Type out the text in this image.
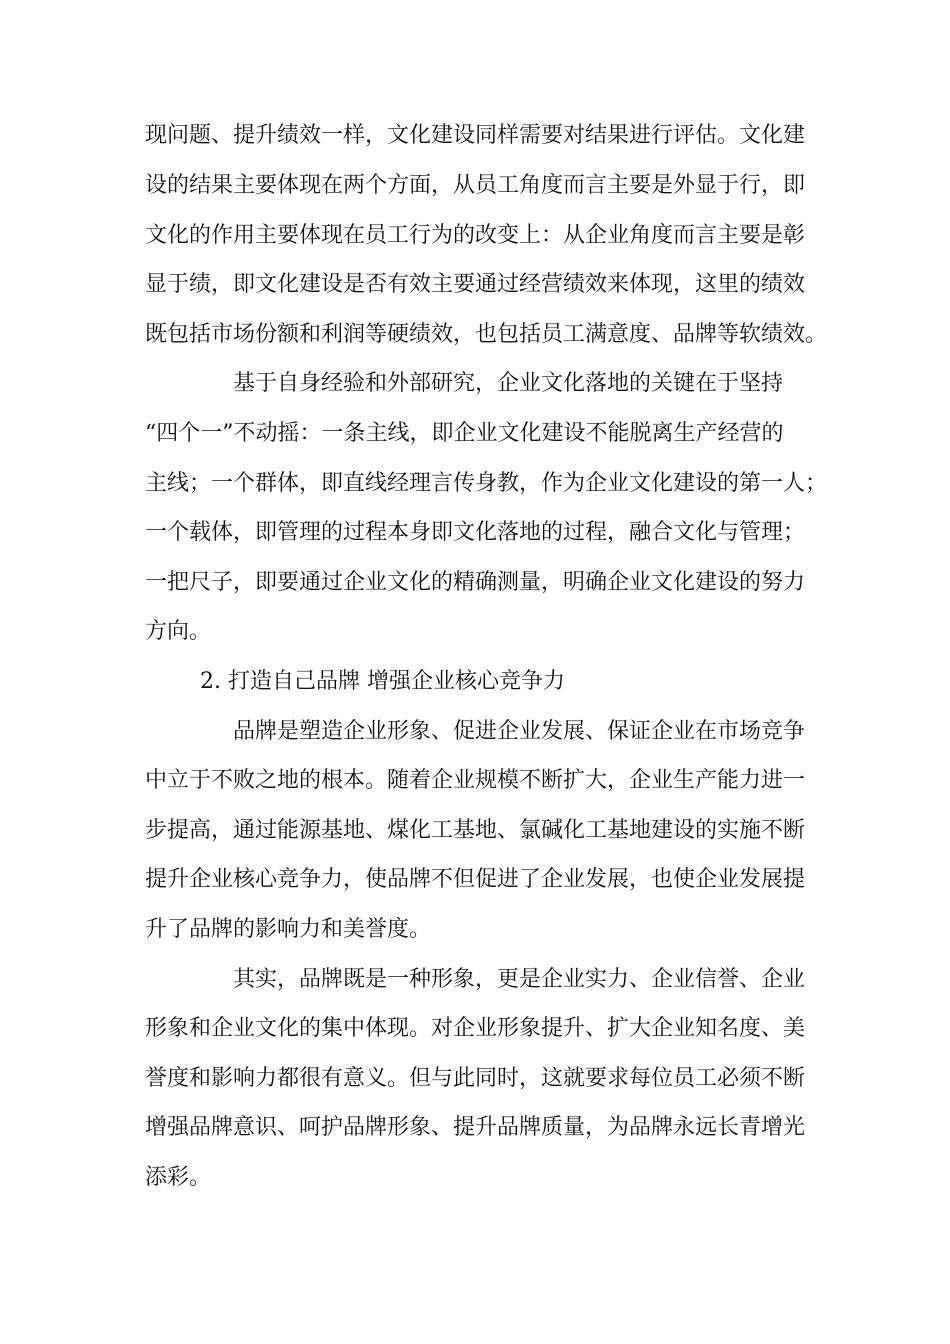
现问题、提升绩效一样，文化建设同样需要对结果进行评估。文化建

设的结果主要体现在两个方面，从员工角度而言主要是外显于行，即

文化的作用主要体现在员工行为的改变上：从企业角度而言主要是彰

显于绩，即文化建设是否有效主要通过经营绩效来体现，这里的绩效

既包括市场份额和利润等硬绩效，也包括员工满意度、品牌等软绩效。

基于自身经验和外部研究，企业文化落地的关键在于坚持

“四个一”不动摇：一条主线，即企业文化建设不能脱离生产经营的

主线；一个群体，即直线经理言传身教，作为企业文化建设的第一人；

一个载体，即管理的过程本身即文化落地的过程，融合文化与管理；

一把尺子，即要通过企业文化的精确测量，明确企业文化建设的努力

方向。

2. 打造自己品牌 增强企业核心竞争力

品牌是塑造企业形象、促进企业发展、保证企业在市场竞争

中立于不败之地的根本。随着企业规模不断扩大，企业生产能力进一

步提高，通过能源基地、煤化工基地、氯碱化工基地建设的实施不断

提升企业核心竞争力，使品牌不但促进了企业发展，也使企业发展提

升了品牌的影响力和美誉度。

其实，品牌既是一种形象，更是企业实力、企业信誉、企业

形象和企业文化的集中体现。对企业形象提升、扩大企业知名度、美

誉度和影响力都很有意义。但与此同时，这就要求每位员工必须不断

增强品牌意识、呵护品牌形象、提升品牌质量，为品牌永远长青增光

添彩。
